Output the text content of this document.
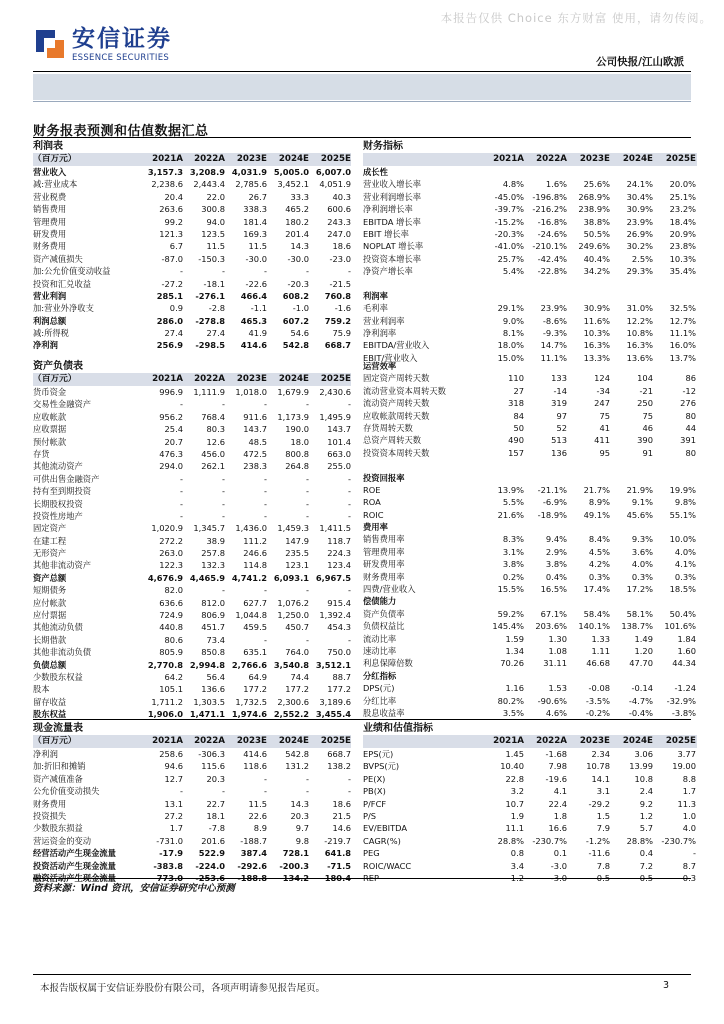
本报告仅供 Choice 东方财富 使用，请勿传阅。
安信证券
ESSENCE SECURITIES	公司快报/江山欧派
财务报表预测和估值数据汇总
利润表
（百万元）	2021A	2022A	2023E	2024E	2025E
营业收入	3,157.3 3,208.9 4,031.9 5,005.0 6,007.0
减:营业成本	2,238.6	2,443.4	2,785.6	3,452.1	4,051.9
营业税费	20.4	22.0	26.7	33.3	40.3
销售费用	263.6	300.8	338.3	465.2	600.6
管理费用	99.2	94.0	181.4	180.2	243.3
研发费用	121.3	123.5	169.3	201.4	247.0
财务费用	6.7	11.5	11.5	14.3	18.6
资产减值损失	-87.0	-150.3	-30.0	-30.0	-23.0
加:公允价值变动收益	-	-	-	-	-
投资和汇兑收益	-27.2	-18.1	-22.6	-20.3	-21.5
营业利润	285.1	-276.1	466.4	608.2	760.8
加:营业外净收支	0.9	-2.8	-1.1	-1.0	-1.6
利润总额	286.0	-278.8	465.3	607.2	759.2
减:所得税	27.4	27.4	41.9	54.6	75.9
净利润	256.9	-298.5	414.6	542.8	668.7
财务指标
2021A	2022A	2023E	2024E	2025E
成长性
营业收入增长率	4.8%	1.6%	25.6%	24.1%	20.0%
营业利润增长率	-45.0%	-196.8%	268.9%	30.4%	25.1%
净利润增长率	-39.7%	-216.2%	238.9%	30.9%	23.2%
EBITDA 增长率	-15.2%	-16.8%	38.8%	23.9%	18.4%
EBIT 增长率	-20.3%	-24.6%	50.5%	26.9%	20.9%
NOPLAT 增长率	-41.0%	-210.1%	249.6%	30.2%	23.8%
投资资本增长率	25.7%	-42.4%	40.4%	2.5%	10.3%
净资产增长率	5.4%	-22.8%	34.2%	29.3%	35.4%
利润率
毛利率	29.1%	23.9%	30.9%	31.0%	32.5%
营业利润率	9.0%	-8.6%	11.6%	12.2%	12.7%
净利润率	8.1%	-9.3%	10.3%	10.8%	11.1%
EBITDA/营业收入	18.0%	14.7%	16.3%	16.3%	16.0%
EBIT/营业收入	15.0%	11.1%	13.3%	13.6%	13.7%
资产负债表
（百万元）	2021A	2022A	2023E	2024E	2025E
货币资金	996.9	1,111.9	1,018.0	1,679.9	2,430.6
交易性金融资产	-	-	-	-	-
应收帐款	956.2	768.4	911.6	1,173.9	1,495.9
应收票据	25.4	80.3	143.7	190.0	143.7
预付帐款	20.7	12.6	48.5	18.0	101.4
存货	476.3	456.0	472.5	800.8	663.0
其他流动资产	294.0	262.1	238.3	264.8	255.0
可供出售金融资产	-	-	-	-	-
持有至到期投资	-	-	-	-	-
长期股权投资	-	-	-	-	-
投资性房地产	-	-	-	-	-
固定资产	1,020.9	1,345.7	1,436.0	1,459.3	1,411.5
在建工程	272.2	38.9	111.2	147.9	118.7
无形资产	263.0	257.8	246.6	235.5	224.3
其他非流动资产	122.3	132.3	114.8	123.1	123.4
资产总额	4,676.9 4,465.9 4,741.2 6,093.1 6,967.5
短期债务	82.0	-	-	-	-
应付帐款	636.6	812.0	627.7	1,076.2	915.4
应付票据	724.9	806.9	1,044.8	1,250.0	1,392.4
其他流动负债	440.8	451.7	459.5	450.7	454.3
长期借款	80.6	73.4	-	-	-
其他非流动负债	805.9	850.8	635.1	764.0	750.0
负债总额	2,770.8 2,994.8 2,766.6 3,540.8 3,512.1
少数股东权益	64.2	56.4	64.9	74.4	88.7
股本	105.1	136.6	177.2	177.2	177.2
留存收益	1,711.2	1,303.5	1,732.5	2,300.6	3,189.6
股东权益	1,906.0 1,471.1 1,974.6 2,552.2 3,455.4
运营效率
固定资产周转天数	110	133	124	104	86
流动营业资本周转天数	27	-14	-34	-21	-12
流动资产周转天数	318	319	247	250	276
应收帐款周转天数	84	97	75	75	80
存货周转天数	50	52	41	46	44
总资产周转天数	490	513	411	390	391
投资资本周转天数	157	136	95	91	80
投资回报率
ROE	13.9%	-21.1%	21.7%	21.9%	19.9%
ROA	5.5%	-6.9%	8.9%	9.1%	9.8%
ROIC	21.6%	-18.9%	49.1%	45.6%	55.1%
费用率
销售费用率	8.3%	9.4%	8.4%	9.3%	10.0%
管理费用率	3.1%	2.9%	4.5%	3.6%	4.0%
研发费用率	3.8%	3.8%	4.2%	4.0%	4.1%
财务费用率	0.2%	0.4%	0.3%	0.3%	0.3%
四费/营业收入	15.5%	16.5%	17.4%	17.2%	18.5%
偿债能力
资产负债率	59.2%	67.1%	58.4%	58.1%	50.4%
负债权益比	145.4%	203.6%	140.1%	138.7%	101.6%
流动比率	1.59	1.30	1.33	1.49	1.84
速动比率	1.34	1.08	1.11	1.20	1.60
利息保障倍数	70.26	31.11	46.68	47.70	44.34
分红指标
DPS(元)	1.16	1.53	-0.08	-0.14	-1.24
分红比率	80.2%	-90.6%	-3.5%	-4.7%	-32.9%
股息收益率	3.5%	4.6%	-0.2%	-0.4%	-3.8%
现金流量表
（百万元）	2021A	2022A	2023E	2024E	2025E
净利润	258.6	-306.3	414.6	542.8	668.7
加:折旧和摊销	94.6	115.6	118.6	131.2	138.2
资产减值准备	12.7	20.3	-	-	-
公允价值变动损失	-	-	-	-	-
财务费用	13.1	22.7	11.5	14.3	18.6
投资损失	27.2	18.1	22.6	20.3	21.5
少数股东损益	1.7	-7.8	8.9	9.7	14.6
营运资金的变动	-731.0	201.6	-188.7	9.8	-219.7
经营活动产生现金流量	-17.9	522.9	387.4	728.1	641.8
投资活动产生现金流量	-383.8	-224.0	-292.6	-200.3	-71.5
融资活动产生现金流量	773.0	-253.6	-188.8	134.2	180.4
业绩和估值指标
2021A	2022A	2023E	2024E	2025E
EPS(元)	1.45	-1.68	2.34	3.06	3.77
BVPS(元)	10.40	7.98	10.78	13.99	19.00
PE(X)	22.8	-19.6	14.1	10.8	8.8
PB(X)	3.2	4.1	3.1	2.4	1.7
P/FCF	10.7	22.4	-29.2	9.2	11.3
P/S	1.9	1.8	1.5	1.2	1.0
EV/EBITDA	11.1	16.6	7.9	5.7	4.0
CAGR(%)	28.8%	-230.7%	-1.2%	28.8%	-230.7%
PEG	0.8	0.1	-11.6	0.4	-
ROIC/WACC	3.4	-3.0	7.8	7.2	8.7
REP	1.2	-3.0	0.5	0.5	0.3
资料来源：Wind 资讯，安信证券研究中心预测
本报告版权属于安信证券股份有限公司，各项声明请参见报告尾页。	3
